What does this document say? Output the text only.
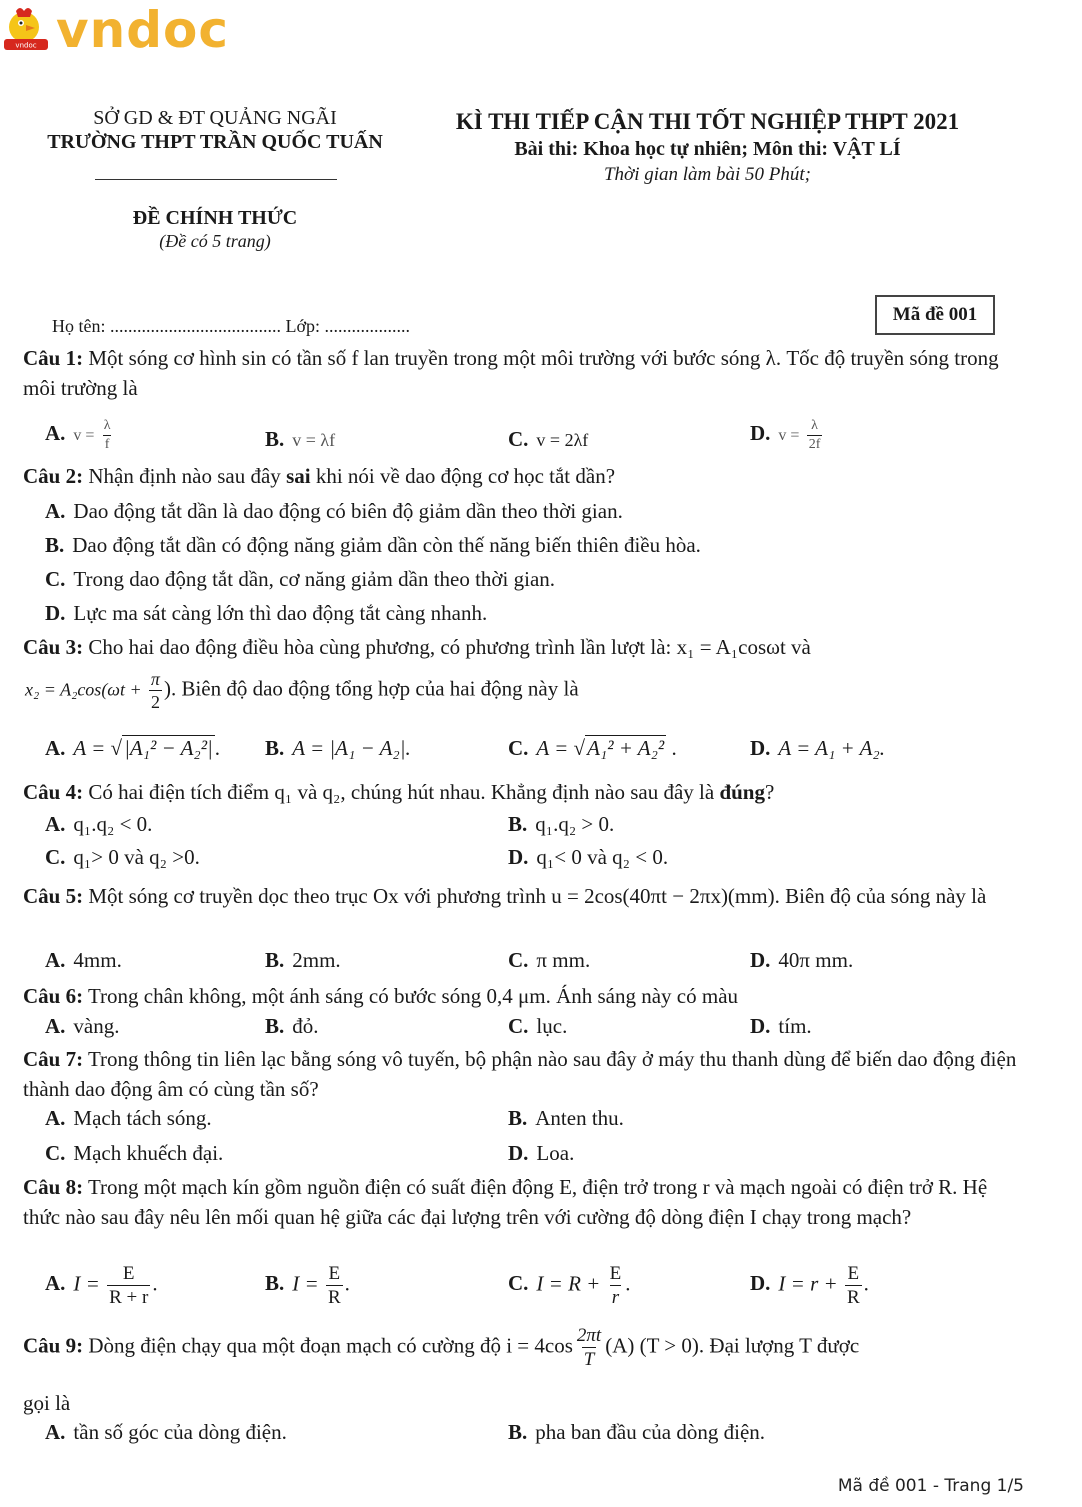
vndoc vndoc
SỞ GD & ĐT QUẢNG NGÃI
TRƯỜNG THPT TRẦN QUỐC TUẤN
ĐỀ CHÍNH THỨC
(Đề có 5 trang)
KÌ THI TIẾP CẬN THI TỐT NGHIỆP THPT 2021
Bài thi: Khoa học tự nhiên; Môn thi: VẬT LÍ
Thời gian làm bài 50 Phút;
Mã đề 001
Họ tên: ...................................... Lớp: ...................
Câu 1: Một sóng cơ hình sin có tần số f lan truyền trong một môi trường với bước sóng λ. Tốc độ truyền sóng trong môi trường là
A. $v = \frac{\lambda}{f}$	B. v = λf	C. v = 2λf	D. $v = \frac{\lambda}{2f}$
Câu 2: Nhận định nào sau đây sai khi nói về dao động cơ học tắt dần?
A. Dao động tắt dần là dao động có biên độ giảm dần theo thời gian.
B. Dao động tắt dần có động năng giảm dần còn thế năng biến thiên điều hòa.
C. Trong dao động tắt dần, cơ năng giảm dần theo thời gian.
D. Lực ma sát càng lớn thì dao động tắt càng nhanh.
Câu 3: Cho hai dao động điều hòa cùng phương, có phương trình lần lượt là: x₁ = A₁cosωt và
$x_2 = A_2\cos(\omega t + \frac{\pi}{2}$ ). Biên độ dao động tổng hợp của hai động này là
A. A = √|A₁² − A₂²|. B. A = |A₁ − A₂|.	C. A = √A₁² + A₂² .	D. A = A₁ + A₂.
Câu 4: Có hai điện tích điểm q₁ và q₂, chúng hút nhau. Khẳng định nào sau đây là đúng?
A. q₁.q₂ < 0.	B. q₁.q₂ > 0.
C. q₁> 0 và q₂ >0.	D. q₁< 0 và q₂ < 0.
Câu 5: Một sóng cơ truyền dọc theo trục Ox với phương trình u = 2cos(40πt − 2πx)(mm). Biên độ của sóng này là
A. 4mm.	B. 2mm.	C. π mm.	D. 40π mm.
Câu 6: Trong chân không, một ánh sáng có bước sóng 0,4 μm. Ánh sáng này có màu
A. vàng.	B. đỏ.	C. lục.	D. tím.
Câu 7: Trong thông tin liên lạc bằng sóng vô tuyến, bộ phận nào sau đây ở máy thu thanh dùng để biến dao động điện thành dao động âm có cùng tần số?
A. Mạch tách sóng.	B. Anten thu.
C. Mạch khuếch đại.	D. Loa.
Câu 8: Trong một mạch kín gồm nguồn điện có suất điện động E, điện trở trong r và mạch ngoài có điện trở R. Hệ thức nào sau đây nêu lên mối quan hệ giữa các đại lượng trên với cường độ dòng điện I chạy trong mạch?
A. $I = \frac{E}{R + r}$ .	B. $I = \frac{E}{R}$ .	C. $I = R + \frac{E}{r}$ .	D. $I = r + \frac{E}{R}$ .
Câu 9: Dòng điện chạy qua một đoạn mạch có cường độ $i = 4\cos \frac{2\pi t}{T} (A) (T > 0)$. Đại lượng T được
gọi là
A. tần số góc của dòng điện.	B. pha ban đầu của dòng điện.
Mã đề 001 - Trang 1/5
